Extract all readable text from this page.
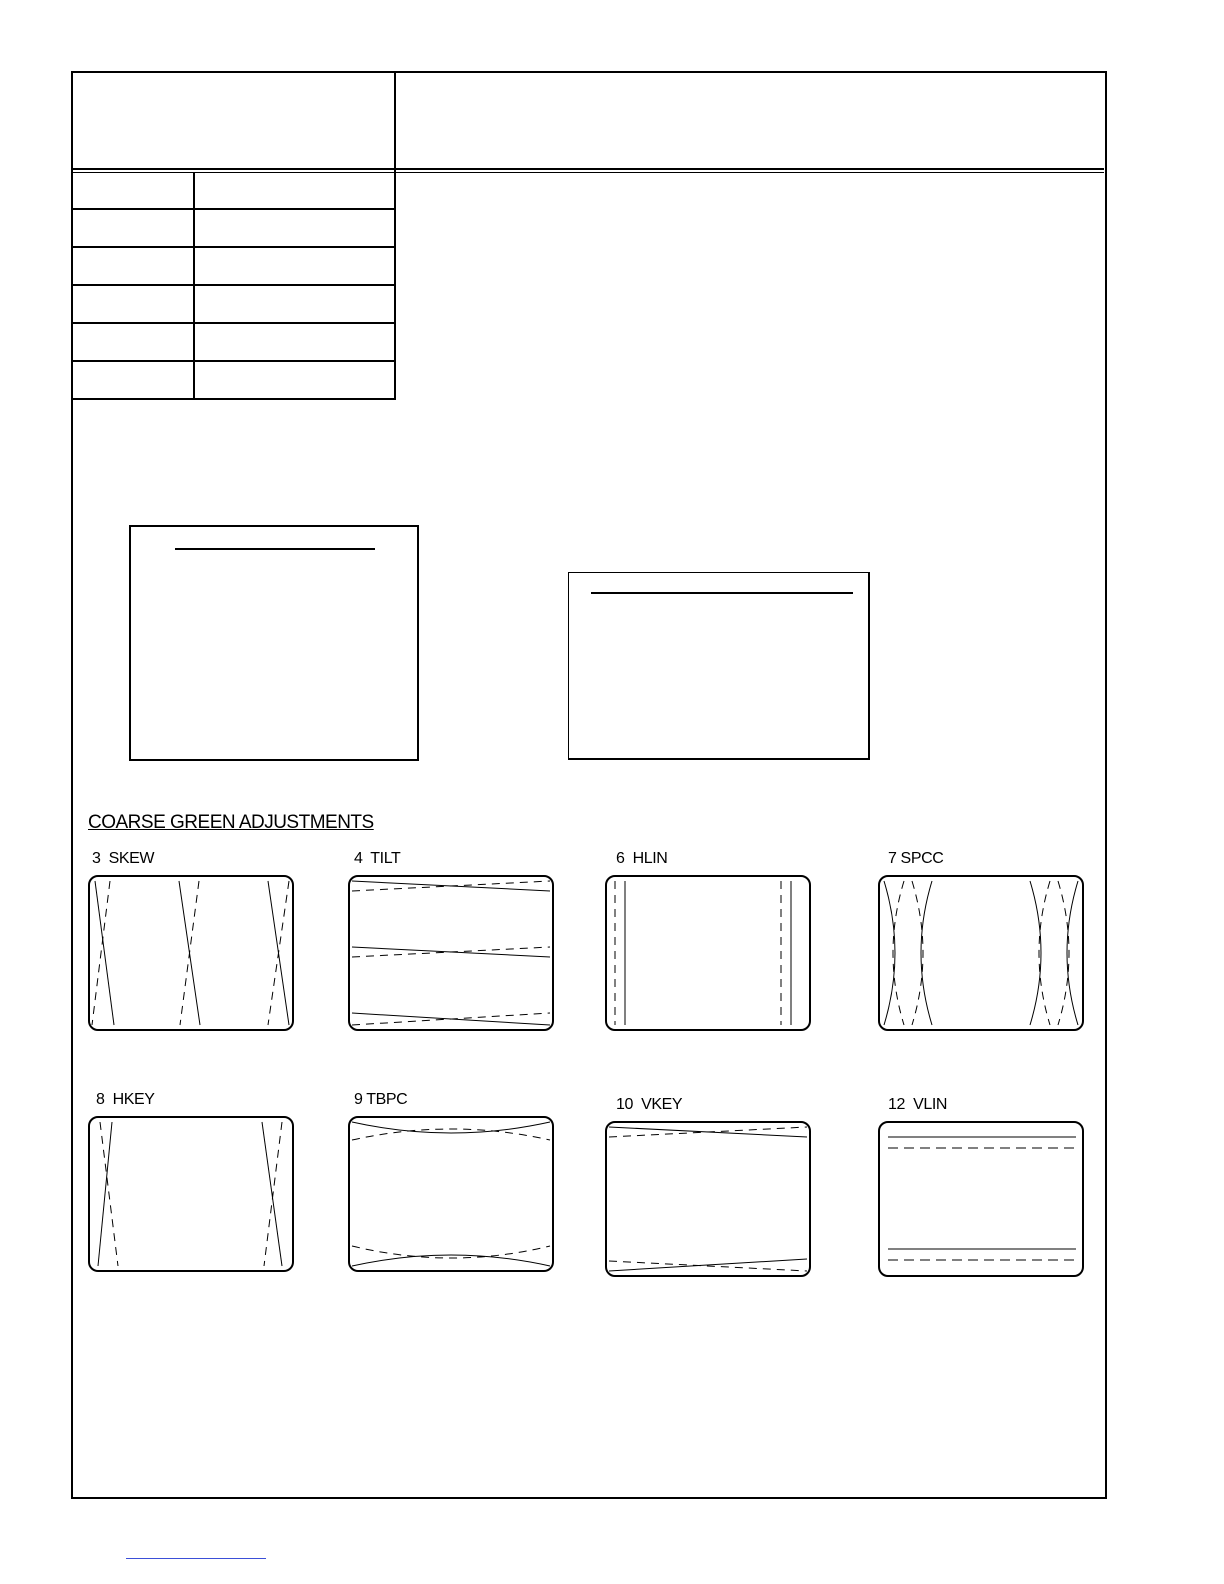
COARSE GREEN ADJUSTMENTS
3  SKEW	4  TILT	6  HLIN	7 SPCC
8  HKEY	9 TBPC	10  VKEY	12  VLIN
